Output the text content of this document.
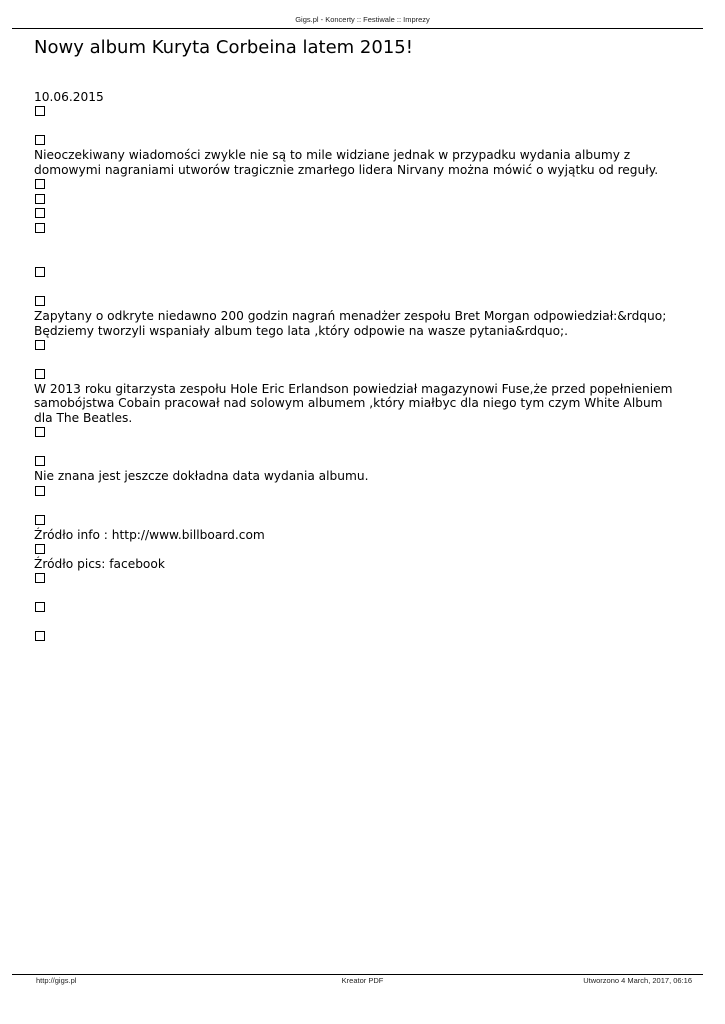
Gigs.pl - Koncerty :: Festiwale :: Imprezy
Nowy album Kuryta Corbeina latem 2015!
10.06.2015
Nieoczekiwany wiadomości zwykle nie są to mile widziane jednak w przypadku wydania albumy z
domowymi nagraniami utworów tragicznie zmarłego lidera Nirvany można mówić o wyjątku od reguły.
Zapytany o odkryte niedawno 200 godzin nagrań menadżer zespołu Bret Morgan odpowiedział:&rdquo;
Będziemy tworzyli wspaniały album tego lata ,który odpowie na wasze pytania&rdquo;.
W 2013 roku gitarzysta zespołu Hole Eric Erlandson powiedział magazynowi Fuse,że przed popełnieniem
samobójstwa Cobain pracował nad solowym albumem ,który miałbyc dla niego tym czym White Album
dla The Beatles.
Nie znana jest jeszcze dokładna data wydania albumu.
Źródło info : http://www.billboard.com
Źródło pics: facebook
http://gigs.pl	Kreator PDF	Utworzono 4 March, 2017, 06:16
